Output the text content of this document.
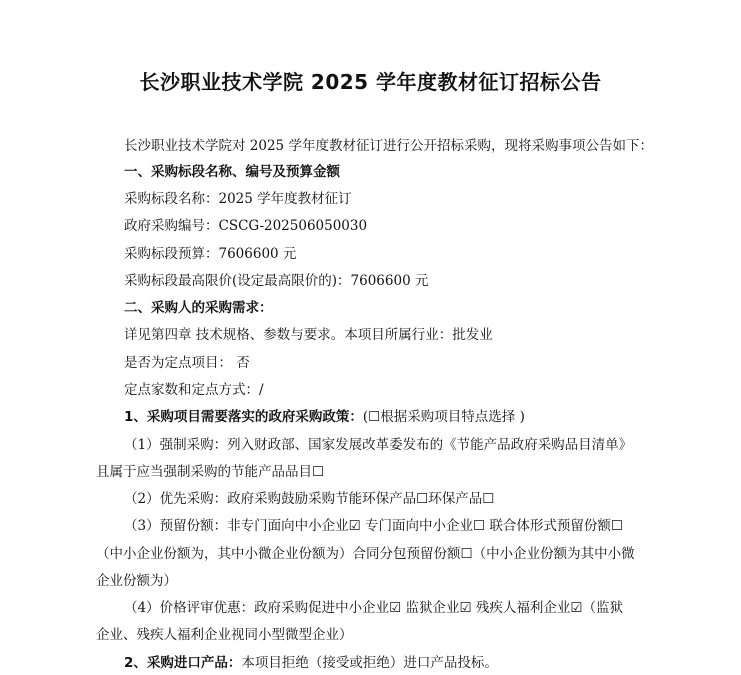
长沙职业技术学院 2025 学年度教材征订招标公告
长沙职业技术学院对 2025 学年度教材征订进行公开招标采购，现将采购事项公告如下：
一、采购标段名称、编号及预算金额
采购标段名称：2025 学年度教材征订
政府采购编号：CSCG-202506050030
采购标段预算：7606600 元
采购标段最高限价(设定最高限价的)：7606600 元
二、采购人的采购需求：
详见第四章 技术规格、参数与要求。本项目所属行业：批发业
是否为定点项目： 否
定点家数和定点方式：/
1、采购项目需要落实的政府采购政策：(☐根据采购项目特点选择 )
（1）强制采购：列入财政部、国家发展改革委发布的《节能产品政府采购品目清单》
且属于应当强制采购的节能产品品目☐
（2）优先采购：政府采购鼓励采购节能环保产品☐环保产品☐
（3）预留份额：非专门面向中小企业☑ 专门面向中小企业☐ 联合体形式预留份额☐
（中小企业份额为，其中小微企业份额为）合同分包预留份额☐（中小企业份额为其中小微
企业份额为）
（4）价格评审优惠：政府采购促进中小企业☑ 监狱企业☑ 残疾人福利企业☑（监狱
企业、残疾人福利企业视同小型微型企业）
2、采购进口产品：本项目拒绝（接受或拒绝）进口产品投标。
